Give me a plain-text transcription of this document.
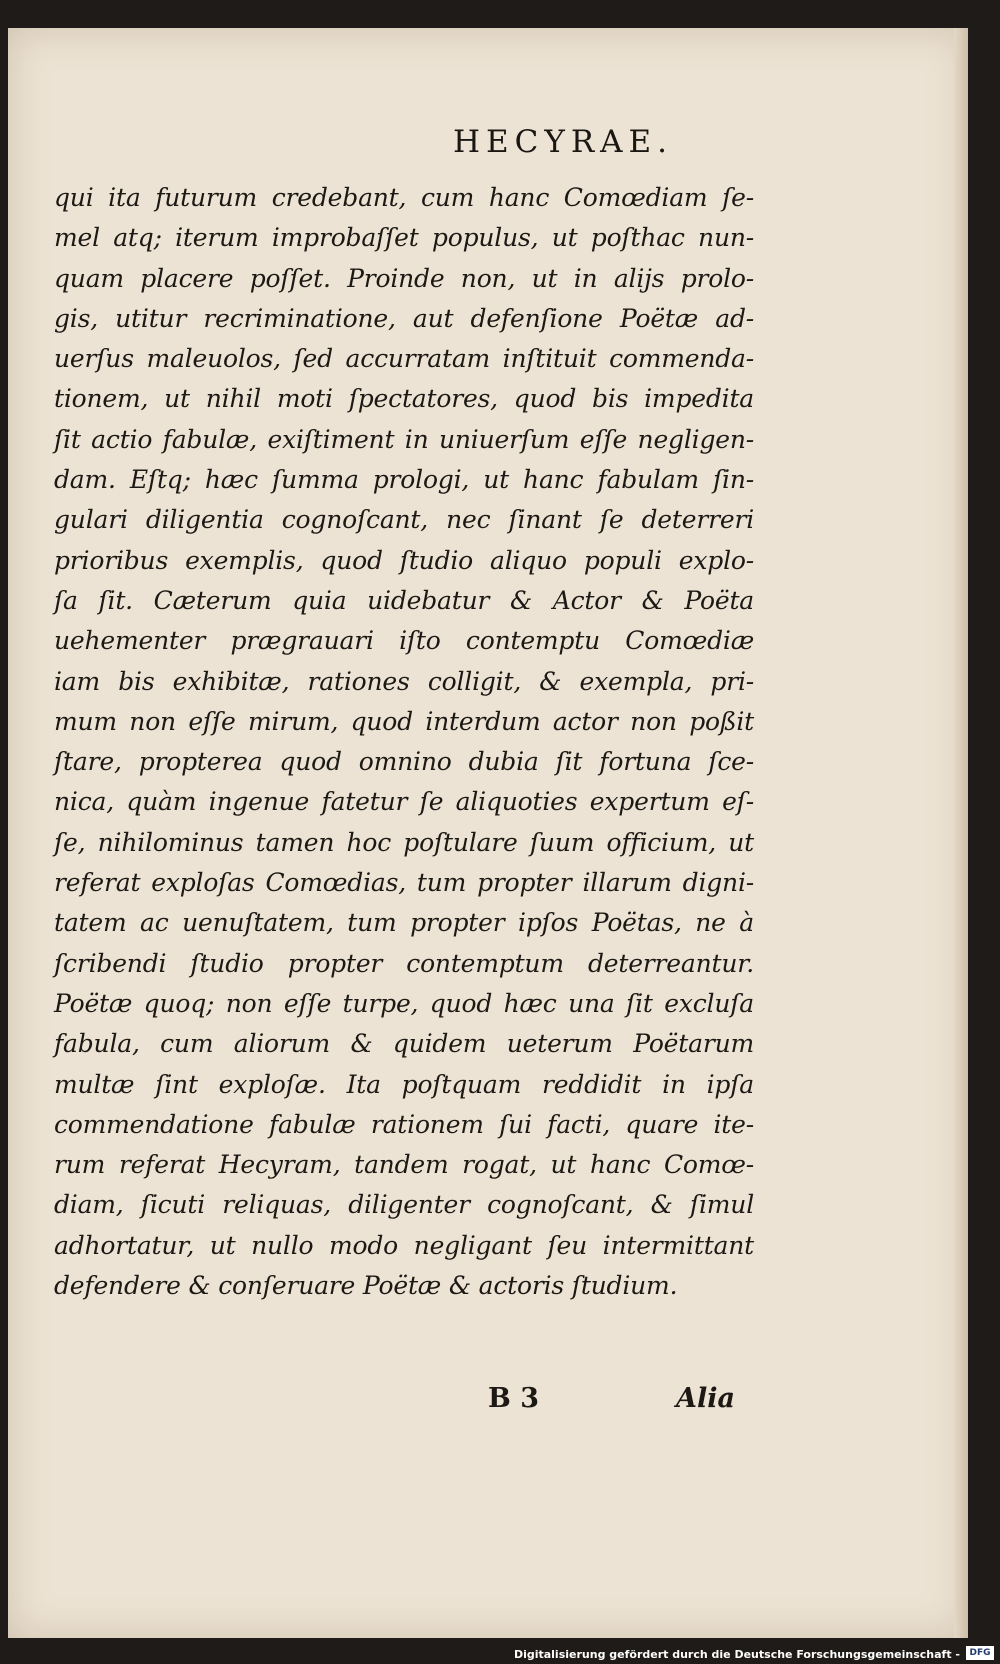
HECYRAE.
qui ita futurum credebant, cum hanc Comœdiam ſe-
mel atq; iterum improbaſſet populus, ut poſthac nun-
quam placere poſſet. Proinde non, ut in alijs prolo-
gis, utitur recriminatione, aut defenſione Poëtæ ad-
uerſus maleuolos, ſed accurratam inſtituit commenda-
tionem, ut nihil moti ſpectatores, quod bis impedita
ſit actio fabulæ, exiſtiment in uniuerſum eſſe negligen-
dam. Eſtq; hæc ſumma prologi, ut hanc fabulam ſin-
gulari diligentia cognoſcant, nec ſinant ſe deterreri
prioribus exemplis, quod ſtudio aliquo populi explo-
ſa ſit. Cæterum quia uidebatur & Actor & Poëta
uehementer prægrauari iſto contemptu Comœdiæ
iam bis exhibitæ, rationes colligit, & exempla, pri-
mum non eſſe mirum, quod interdum actor non poßit
ſtare, propterea quod omnino dubia ſit fortuna ſce-
nica, quàm ingenue fatetur ſe aliquoties expertum eſ-
ſe, nihilominus tamen hoc poſtulare ſuum officium, ut
referat exploſas Comœdias, tum propter illarum digni-
tatem ac uenuſtatem, tum propter ipſos Poëtas, ne à
ſcribendi ſtudio propter contemptum deterreantur.
Poëtæ quoq; non eſſe turpe, quod hæc una ſit excluſa
fabula, cum aliorum & quidem ueterum Poëtarum
multæ ſint exploſæ. Ita poſtquam reddidit in ipſa
commendatione fabulæ rationem ſui facti, quare ite-
rum referat Hecyram, tandem rogat, ut hanc Comœ-
diam, ſicuti reliquas, diligenter cognoſcant, & ſimul
adhortatur, ut nullo modo negligant ſeu intermittant
defendere & conſeruare Poëtæ & actoris ſtudium.
B 3	Alia
Digitalisierung gefördert durch die Deutsche Forschungsgemeinschaft -	DFG
